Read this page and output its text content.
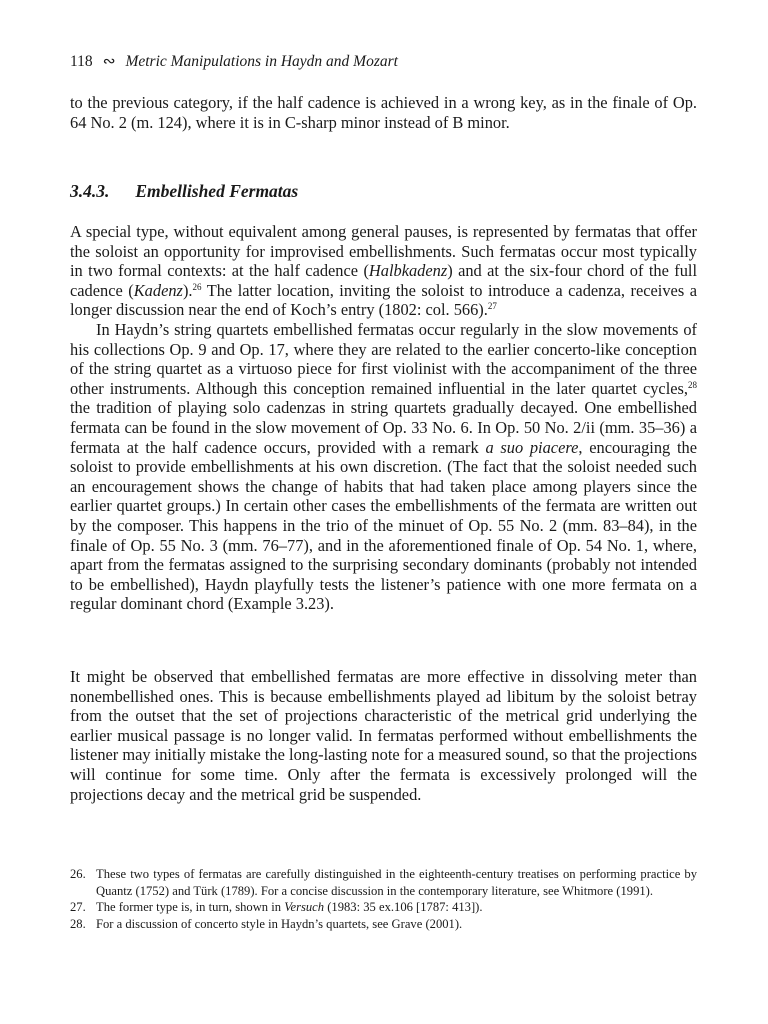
118 ∾ Metric Manipulations in Haydn and Mozart

to the previous category, if the half cadence is achieved in a wrong key, as in the finale of Op. 64 No. 2 (m. 124), where it is in C-sharp minor instead of B minor.

3.4.3. Embellished Fermatas

A special type, without equivalent among general pauses, is represented by fermatas that offer the soloist an opportunity for improvised embellishments. Such fermatas occur most typically in two formal contexts: at the half cadence (Halbkadenz) and at the six-four chord of the full cadence (Kadenz).$^{26}$ The latter location, inviting the soloist to introduce a cadenza, receives a longer discussion near the end of Koch’s entry (1802: col. 566).$^{27}$

In Haydn’s string quartets embellished fermatas occur regularly in the slow movements of his collections Op. 9 and Op. 17, where they are related to the earlier concerto-like conception of the string quartet as a virtuoso piece for first violinist with the accompaniment of the three other instruments. Although this conception remained influential in the later quartet cycles,$^{28}$ the tradition of playing solo cadenzas in string quartets gradually decayed. One embellished fermata can be found in the slow movement of Op. 33 No. 6. In Op. 50 No. 2/ii (mm. 35–36) a fermata at the half cadence occurs, provided with a remark a suo piacere, encouraging the soloist to provide embellishments at his own discretion. (The fact that the soloist needed such an encouragement shows the change of habits that had taken place among players since the earlier quartet groups.) In certain other cases the embellishments of the fermata are written out by the composer. This happens in the trio of the minuet of Op. 55 No. 2 (mm. 83–84), in the finale of Op. 55 No. 3 (mm. 76–77), and in the aforementioned finale of Op. 54 No. 1, where, apart from the fermatas assigned to the surprising secondary dominants (probably not intended to be embellished), Haydn playfully tests the listener’s patience with one more fermata on a regular dominant chord (Example 3.23).

It might be observed that embellished fermatas are more effective in dissolving meter than nonembellished ones. This is because embellishments played ad libitum by the soloist betray from the outset that the set of projections characteristic of the metrical grid underlying the earlier musical passage is no longer valid. In fermatas performed without embellishments the listener may initially mistake the long-lasting note for a measured sound, so that the projections will continue for some time. Only after the fermata is excessively prolonged will the projections decay and the metrical grid be suspended.

26. These two types of fermatas are carefully distinguished in the eighteenth-century treatises on performing practice by Quantz (1752) and Türk (1789). For a concise discussion in the contemporary literature, see Whitmore (1991).
27. The former type is, in turn, shown in Versuch (1983: 35 ex.106 [1787: 413]).
28. For a discussion of concerto style in Haydn’s quartets, see Grave (2001).
